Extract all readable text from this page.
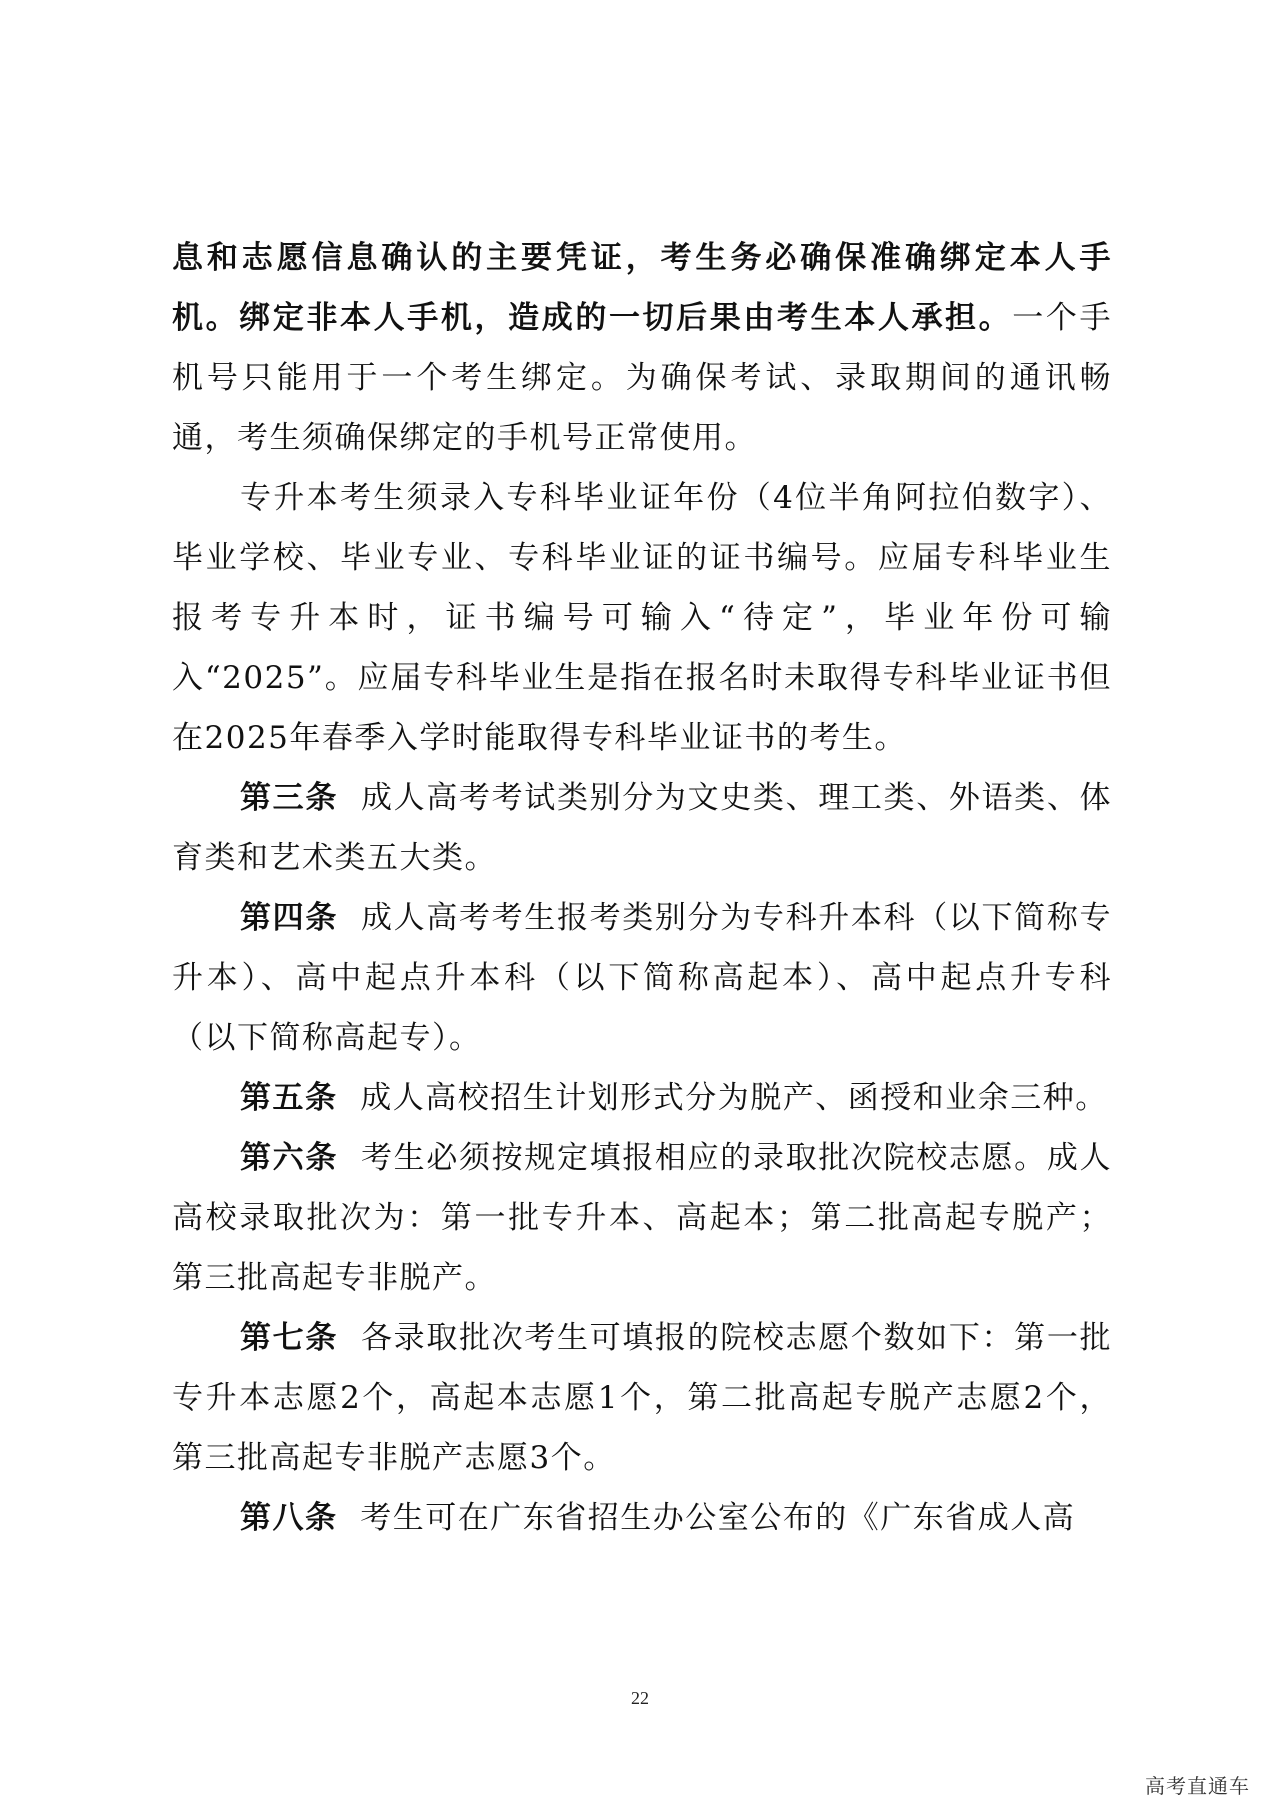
息和志愿信息确认的主要凭证，考生务必确保准确绑定本人手机。绑定非本人手机，造成的一切后果由考生本人承担。一个手机号只能用于一个考生绑定。为确保考试、录取期间的通讯畅通，考生须确保绑定的手机号正常使用。

专升本考生须录入专科毕业证年份（4位半角阿拉伯数字）、毕业学校、毕业专业、专科毕业证的证书编号。应届专科毕业生报考专升本时，证书编号可输入“待定”，毕业年份可输入“2025”。应届专科毕业生是指在报名时未取得专科毕业证书但在2025年春季入学时能取得专科毕业证书的考生。

第三条  成人高考考试类别分为文史类、理工类、外语类、体育类和艺术类五大类。

第四条  成人高考考生报考类别分为专科升本科（以下简称专升本）、高中起点升本科（以下简称高起本）、高中起点升专科（以下简称高起专）。

第五条  成人高校招生计划形式分为脱产、函授和业余三种。

第六条  考生必须按规定填报相应的录取批次院校志愿。成人高校录取批次为：第一批专升本、高起本；第二批高起专脱产；第三批高起专非脱产。

第七条  各录取批次考生可填报的院校志愿个数如下：第一批专升本志愿2个，高起本志愿1个，第二批高起专脱产志愿2个，第三批高起专非脱产志愿3个。

第八条  考生可在广东省招生办公室公布的《广东省成人高

22
高考直通车
